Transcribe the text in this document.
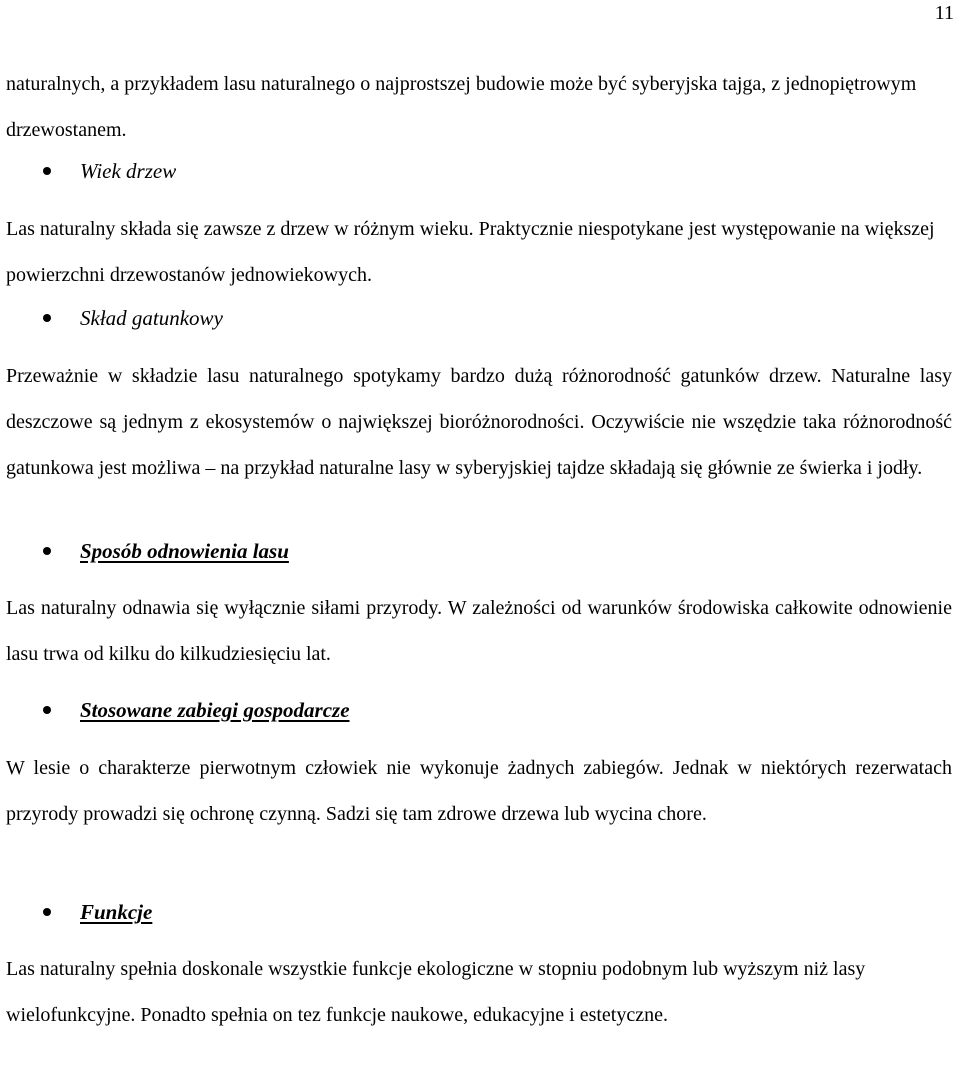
11

naturalnych, a przykładem lasu naturalnego o najprostszej budowie może być syberyjska tajga, z jednopiętrowym drzewostanem.

Wiek drzew

Las naturalny składa się zawsze z drzew w różnym wieku. Praktycznie niespotykane jest występowanie na większej powierzchni drzewostanów jednowiekowych.

Skład gatunkowy

Przeważnie w składzie lasu naturalnego spotykamy bardzo dużą różnorodność gatunków drzew. Naturalne lasy deszczowe są jednym z ekosystemów o największej bioróżnorodności. Oczywiście nie wszędzie taka różnorodność gatunkowa jest możliwa – na przykład naturalne lasy w syberyjskiej tajdze składają się głównie ze świerka i jodły.

Sposób odnowienia lasu

Las naturalny odnawia się wyłącznie siłami przyrody. W zależności od warunków środowiska całkowite odnowienie lasu trwa od kilku do kilkudziesięciu lat.

Stosowane zabiegi gospodarcze

W lesie o charakterze pierwotnym człowiek nie wykonuje żadnych zabiegów. Jednak w niektórych rezerwatach przyrody prowadzi się ochronę czynną. Sadzi się tam zdrowe drzewa lub wycina chore.

Funkcje

Las naturalny spełnia doskonale wszystkie funkcje ekologiczne w stopniu podobnym lub wyższym niż lasy wielofunkcyjne. Ponadto spełnia on tez funkcje naukowe, edukacyjne i estetyczne.
